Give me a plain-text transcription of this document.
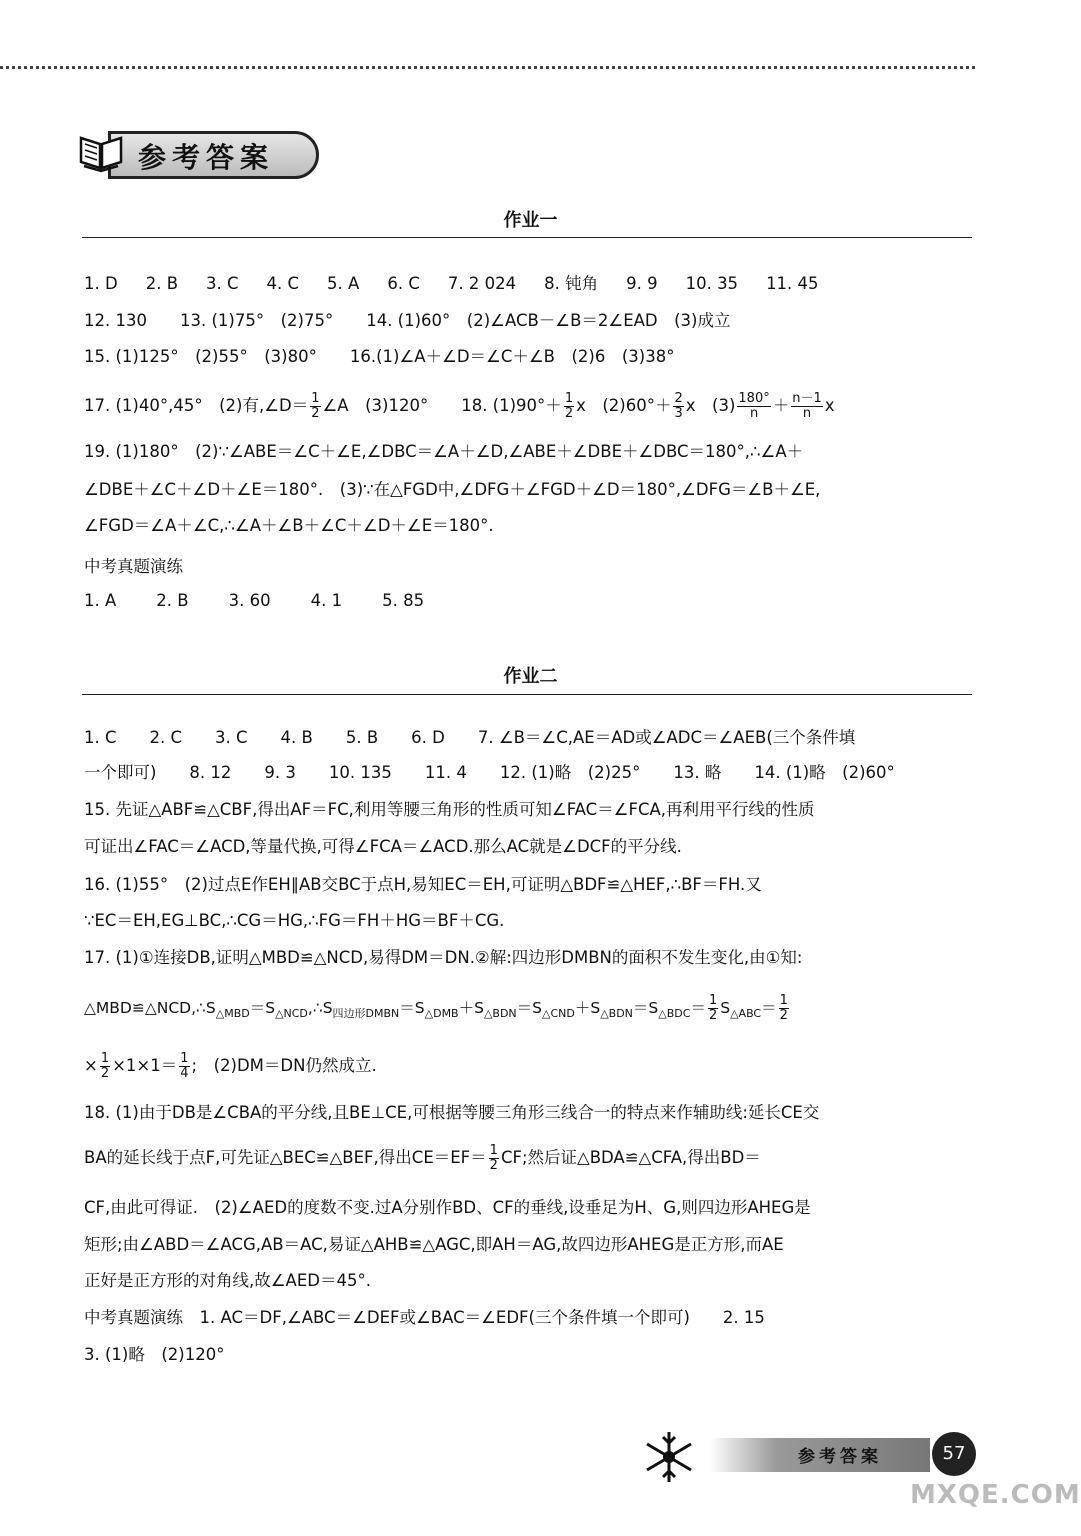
参考答案
作业一
1. D 2. B 3. C 4. C 5. A 6. C 7. 2 024 8. 钝角 9. 9 10. 35 11. 45
12. 130　　13. (1)75°　(2)75°　　14. (1)60°　(2)∠ACB－∠B＝2∠EAD　(3)成立
15. (1)125°　(2)55°　(3)80°　　16.(1)∠A＋∠D＝∠C＋∠B　(2)6　(3)38°
17. (1)40°,45°　(2)有,∠D＝ $\frac{1}{2}$ ∠A　(3)120°　　18. $(1)90^\circ+ \frac{1}{2}$ x　$(2)60^\circ+ \frac{2}{3}$ x　$(3) \frac{180^\circ}{n} + \frac{n-1}{n}$ x
19. (1)180°　(2)∵∠ABE＝∠C＋∠E,∠DBC＝∠A＋∠D,∠ABE＋∠DBE＋∠DBC＝180°,∴∠A＋
∠DBE＋∠C＋∠D＋∠E＝180°.　(3)∵在△FGD中,∠DFG＋∠FGD＋∠D＝180°,∠DFG＝∠B＋∠E,
∠FGD＝∠A＋∠C,∴∠A＋∠B＋∠C＋∠D＋∠E＝180°.
中考真题演练
1. A 2. B 3. 60 4. 1 5. 85
作业二
1. C　　2. C　　3. C　　4. B　　5. B　　6. D　　7. ∠B＝∠C,AE＝AD或∠ADC＝∠AEB(三个条件填
一个即可)　　8. 12　　9. 3　　10. 135　　11. 4　　12. (1)略　(2)25°　　13. 略　　14. (1)略　(2)60°
15. 先证△ABF≌△CBF,得出AF＝FC,利用等腰三角形的性质可知∠FAC＝∠FCA,再利用平行线的性质
可证出∠FAC＝∠ACD,等量代换,可得∠FCA＝∠ACD.那么AC就是∠DCF的平分线.
16. (1)55°　(2)过点E作EH∥AB交BC于点H,易知EC＝EH,可证明△BDF≌△HEF,∴BF＝FH.又
∵EC＝EH,EG⊥BC,∴CG＝HG,∴FG＝FH＋HG＝BF＋CG.
17. (1)①连接DB,证明△MBD≌△NCD,易得DM＝DN.②解:四边形DMBN的面积不发生变化,由①知:
$\triangle MBD≌\triangle NCD,\therefore S_{\triangle MBD}=S_{\triangle NCD},\therefore S_{四边形DMBN}=S_{\triangle DMB}+S_{\triangle BDN}=S_{\triangle CND}+S_{\triangle BDN}=S_{\triangle BDC}= \frac{1}{2} S_{\triangle ABC}= \frac{1}{2}$
× $\frac{1}{2} \times 1\times 1= \frac{1}{4}$ ;　(2)DM＝DN仍然成立.
18. (1)由于DB是∠CBA的平分线,且BE⊥CE,可根据等腰三角形三线合一的特点来作辅助线:延长CE交
BA的延长线于点F,可先证△BEC≌△BEF,得出$CE=EF= \frac{1}{2}$ CF;然后证△BDA≌△CFA,得出BD＝
CF,由此可得证.　(2)∠AED的度数不变.过A分别作BD、CF的垂线,设垂足为H、G,则四边形AHEG是
矩形;由∠ABD＝∠ACG,AB＝AC,易证△AHB≌△AGC,即AH＝AG,故四边形AHEG是正方形,而AE
正好是正方形的对角线,故∠AED＝45°.
中考真题演练　 1. AC＝DF,∠ABC＝∠DEF或∠BAC＝∠EDF(三个条件填一个即可)　　2. 15
3. (1)略　(2)120°
参考答案	57
MXQE.COM
